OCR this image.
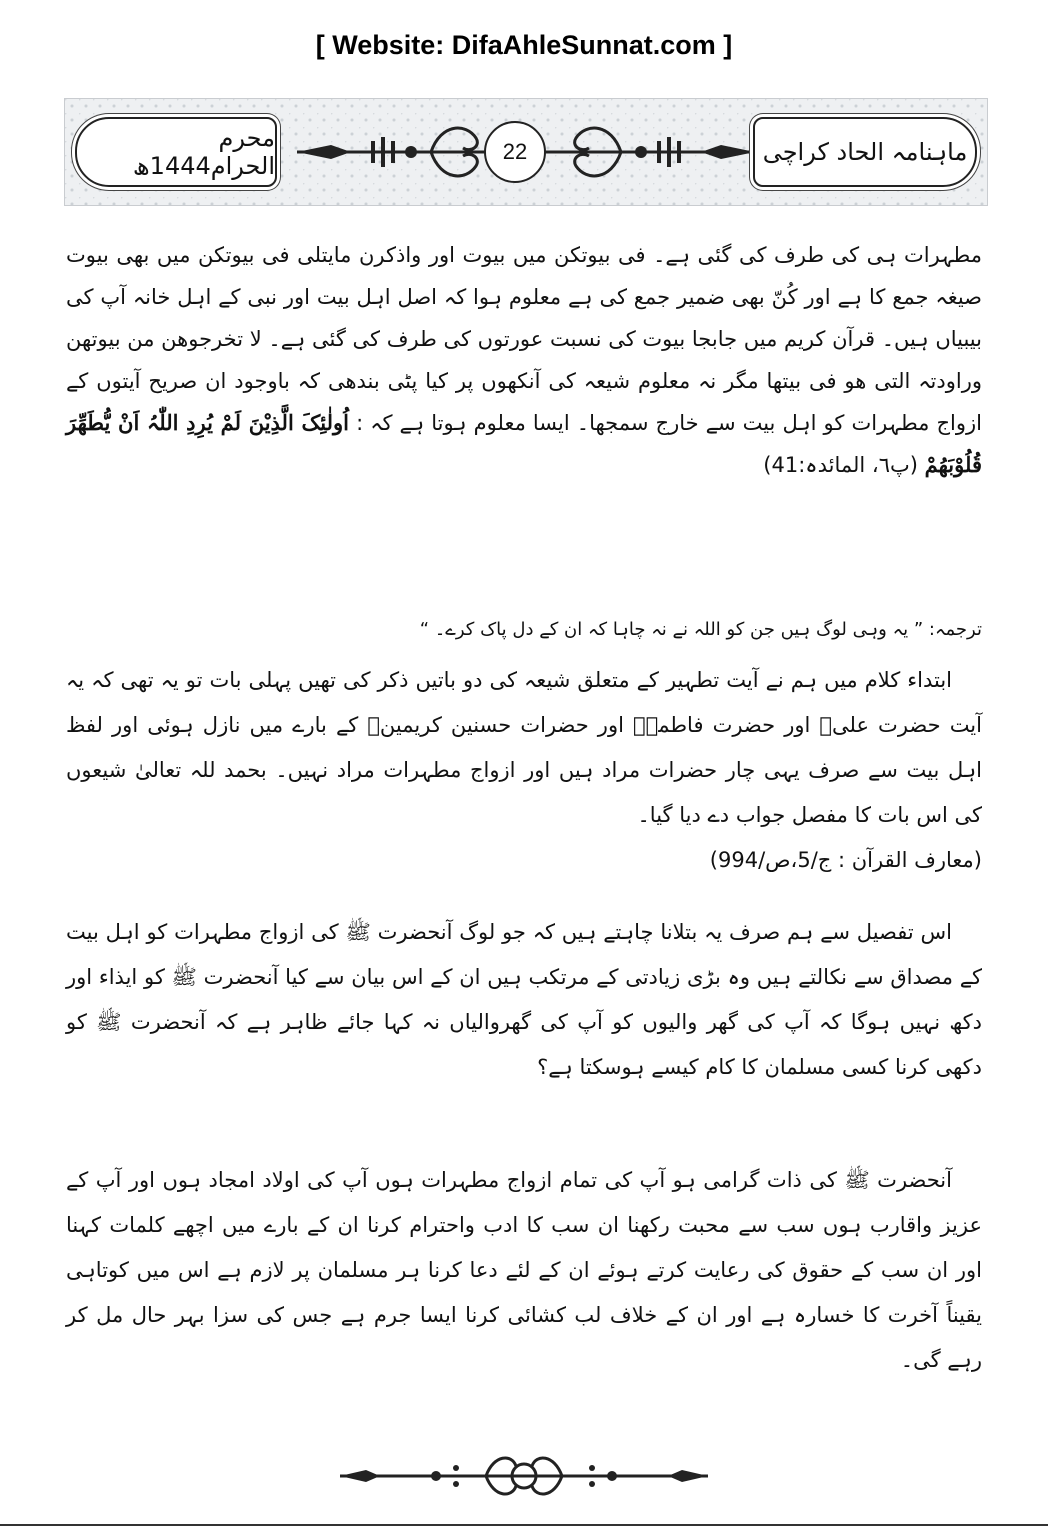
[ Website: DifaAhleSunnat.com ]
محرم الحرام1444ھ
22	ماہنامہ الحاد کراچی
مطہرات ہی کی طرف کی گئی ہے۔ فی بیوتکن میں بیوت اور واذکرن مایتلی فی بیوتکن میں بھی بیوت صیغہ جمع کا ہے اور کُنّ بھی ضمیر جمع کی ہے معلوم ہوا کہ اصل اہل بیت اور نبی کے اہل خانہ آپ کی بیبیاں ہیں۔ قرآن کریم میں جابجا بیوت کی نسبت عورتوں کی طرف کی گئی ہے۔ لا تخرجوھن من بیوتھن وراودتہ التی ھو فی بیتھا مگر نہ معلوم شیعہ کی آنکھوں پر کیا پٹی بندھی کہ باوجود ان صریح آیتوں کے ازواج مطہرات کو اہل بیت سے خارج سمجھا۔ ایسا معلوم ہوتا ہے کہ : اُولٰئِکَ الَّذِیْنَ لَمْ یُرِدِ اللّٰہُ اَنْ یُّطَھِّرَ قُلُوْبَھُمْ (پ٦، المائدہ:41)
ترجمہ: ” یہ وہی لوگ ہیں جن کو اللہ نے نہ چاہا کہ ان کے دل پاک کرے۔ “

ابتداء کلام میں ہم نے آیت تطہیر کے متعلق شیعہ کی دو باتیں ذکر کی تھیں پہلی بات تو یہ تھی کہ یہ آیت حضرت علیؓ اور حضرت فاطمہؓ اور حضرات حسنین کریمینؓ کے بارے میں نازل ہوئی اور لفظ اہل بیت سے صرف یہی چار حضرات مراد ہیں اور ازواج مطہرات مراد نہیں۔ بحمد للہ تعالیٰ شیعوں کی اس بات کا مفصل جواب دے دیا گیا۔

(معارف القرآن : ج/5،ص/994)

اس تفصیل سے ہم صرف یہ بتلانا چاہتے ہیں کہ جو لوگ آنحضرت ﷺ کی ازواج مطہرات کو اہل بیت کے مصداق سے نکالتے ہیں وہ بڑی زیادتی کے مرتکب ہیں ان کے اس بیان سے کیا آنحضرت ﷺ کو ایذاء اور دکھ نہیں ہوگا کہ آپ کی گھر والیوں کو آپ کی گھروالیاں نہ کہا جائے ظاہر ہے کہ آنحضرت ﷺ کو دکھی کرنا کسی مسلمان کا کام کیسے ہوسکتا ہے؟

آنحضرت ﷺ کی ذات گرامی ہو آپ کی تمام ازواج مطہرات ہوں آپ کی اولاد امجاد ہوں اور آپ کے عزیز واقارب ہوں سب سے محبت رکھنا ان سب کا ادب واحترام کرنا ان کے بارے میں اچھے کلمات کہنا اور ان سب کے حقوق کی رعایت کرتے ہوئے ان کے لئے دعا کرنا ہر مسلمان پر لازم ہے اس میں کوتاہی یقیناً آخرت کا خسارہ ہے اور ان کے خلاف لب کشائی کرنا ایسا جرم ہے جس کی سزا بہر حال مل کر رہے گی۔
